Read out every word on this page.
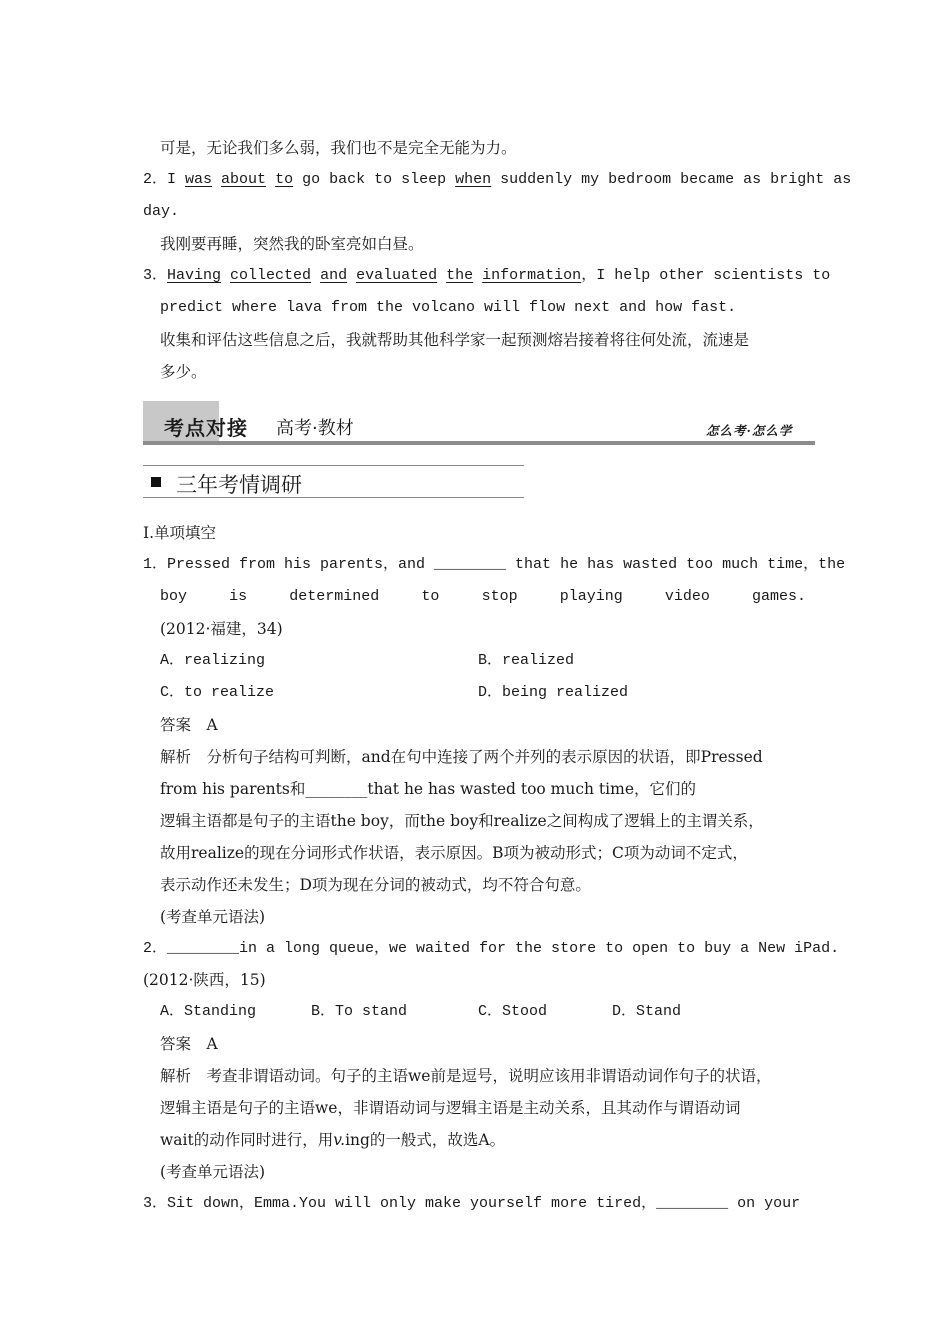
可是，无论我们多么弱，我们也不是完全无能为力。
2．I was about to go back to sleep when suddenly my bedroom became as bright as
day.
我刚要再睡，突然我的卧室亮如白昼。
3．Having collected and evaluated the information，I help other scientists to
predict where lava from the volcano will flow next and how fast.
收集和评估这些信息之后，我就帮助其他科学家一起预测熔岩接着将往何处流，流速是
多少。
考点对接 高考·教材	怎么考·怎么学
三年考情调研
Ⅰ.单项填空
1．Pressed from his parents，and ________ that he has wasted too much time，the
boy	is	determined	to	stop	playing	video	games.
(2012·福建，34)
A．realizing	B．realized
C．to realize	D．being realized
答案　A
解析　分析句子结构可判断，and在句中连接了两个并列的表示原因的状语，即Pressed
from his parents和________that he has wasted too much time，它们的
逻辑主语都是句子的主语the boy，而the boy和realize之间构成了逻辑上的主谓关系，
故用realize的现在分词形式作状语，表示原因。B项为被动形式；C项为动词不定式，
表示动作还未发生；D项为现在分词的被动式，均不符合句意。
(考查单元语法)
2．________in a long queue，we waited for the store to open to buy a New iPad.
(2012·陕西，15)
A．Standing	B．To stand	C．Stood	D．Stand
答案　A
解析　考查非谓语动词。句子的主语we前是逗号，说明应该用非谓语动词作句子的状语，
逻辑主语是句子的主语we，非谓语动词与逻辑主语是主动关系，且其动作与谓语动词
wait的动作同时进行，用v.ing的一般式，故选A。
(考查单元语法)
3．Sit down，Emma.You will only make yourself more tired，________ on your
